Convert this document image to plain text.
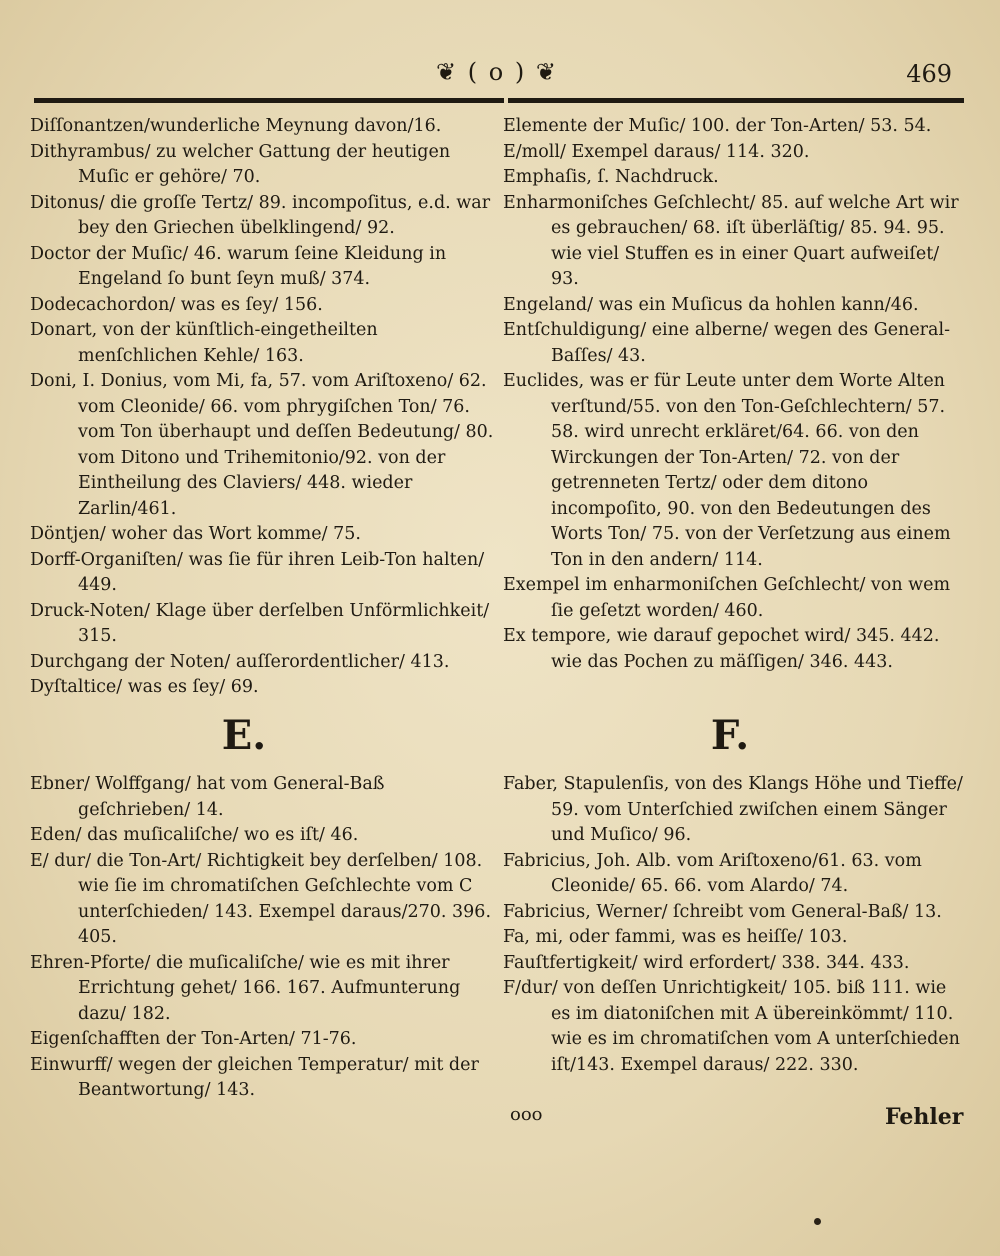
❦ ( o ) ❦	469

Diſſonantzen/wunderliche Meynung davon/16.

Dithyrambus/ zu welcher Gattung der heutigen Muſic er gehöre/ 70.

Ditonus/ die groſſe Tertz/ 89. incompoſitus, e.d. war bey den Griechen übelklingend/ 92.

Doctor der Muſic/ 46. warum ſeine Kleidung in Engeland ſo bunt ſeyn muß/ 374.

Dodecachordon/ was es ſey/ 156.

Donart, von der künſtlich-eingetheilten menſchlichen Kehle/ 163.

Doni, I. Donius, vom Mi, fa, 57. vom Ariſtoxeno/ 62. vom Cleonide/ 66. vom phrygiſchen Ton/ 76. vom Ton überhaupt und deſſen Bedeutung/ 80. vom Ditono und Trihemitonio/92. von der Eintheilung des Claviers/ 448. wieder Zarlin/461.

Döntjen/ woher das Wort komme/ 75.

Dorff-Organiſten/ was ſie für ihren Leib-Ton halten/ 449.

Druck-Noten/ Klage über derſelben Unförmlichkeit/ 315.

Durchgang der Noten/ auſſerordentlicher/ 413.

Dyſtaltice/ was es ſey/ 69.

E.

Ebner/ Wolffgang/ hat vom General-Baß geſchrieben/ 14.

Eden/ das muſicaliſche/ wo es iſt/ 46.

E/ dur/ die Ton-Art/ Richtigkeit bey derſelben/ 108. wie ſie im chromatiſchen Geſchlechte vom C unterſchieden/ 143. Exempel daraus/270. 396. 405.

Ehren-Pforte/ die muſicaliſche/ wie es mit ihrer Errichtung gehet/ 166. 167. Aufmunterung dazu/ 182.

Eigenſchafften der Ton-Arten/ 71-76.

Einwurff/ wegen der gleichen Temperatur/ mit der Beantwortung/ 143.

Elemente der Muſic/ 100. der Ton-Arten/ 53. 54.

E/moll/ Exempel daraus/ 114. 320.

Emphaſis, ſ. Nachdruck.

Enharmoniſches Geſchlecht/ 85. auf welche Art wir es gebrauchen/ 68. iſt überläſtig/ 85. 94. 95. wie viel Stuffen es in einer Quart aufweiſet/ 93.

Engeland/ was ein Muſicus da hohlen kann/46.

Entſchuldigung/ eine alberne/ wegen des General-Baſſes/ 43.

Euclides, was er für Leute unter dem Worte Alten verſtund/55. von den Ton-Geſchlechtern/ 57. 58. wird unrecht erkläret/64. 66. von den Wirckungen der Ton-Arten/ 72. von der getrenneten Tertz/ oder dem ditono incompoſito, 90. von den Bedeutungen des Worts Ton/ 75. von der Verſetzung aus einem Ton in den andern/ 114.

Exempel im enharmoniſchen Geſchlecht/ von wem ſie geſetzt worden/ 460.

Ex tempore, wie darauf gepochet wird/ 345. 442. wie das Pochen zu mäſſigen/ 346. 443.

F.

Faber, Stapulenſis, von des Klangs Höhe und Tieffe/ 59. vom Unterſchied zwiſchen einem Sänger und Muſico/ 96.

Fabricius, Joh. Alb. vom Ariſtoxeno/61. 63. vom Cleonide/ 65. 66. vom Alardo/ 74.

Fabricius, Werner/ ſchreibt vom General-Baß/ 13.

Fa, mi, oder fammi, was es heiſſe/ 103.

Fauſtfertigkeit/ wird erfordert/ 338. 344. 433.

F/dur/ von deſſen Unrichtigkeit/ 105. biß 111. wie es im diatoniſchen mit A übereinkömmt/ 110. wie es im chromatiſchen vom A unterſchieden iſt/143. Exempel daraus/ 222. 330.

ooo	Fehler
